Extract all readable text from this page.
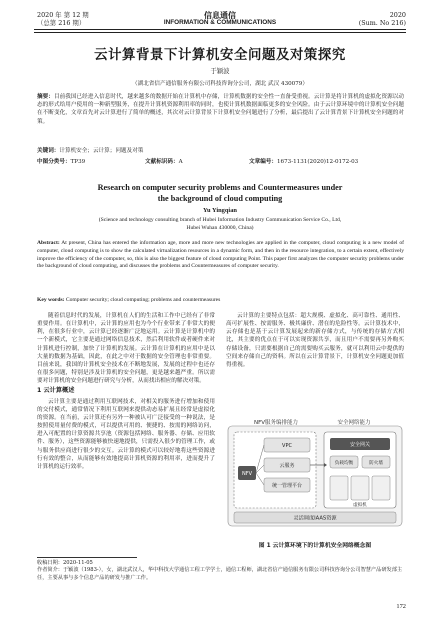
2020 年 第 12 期
（总第 216 期）
信息通信
INFORMATION & COMMUNICATIONS
2020
(Sum. No 216)
云计算背景下计算机安全问题及对策探究
于颖波
（湖北省信产通信服务有限公司科技咨询分公司，湖北 武汉 430079）
摘要：目前我国已经进入信息时代，越来越多的数据开始在计算机中存储，计算机数据的安全性一直备受重视。云计算是将计算机的虚拟化资源以动态的形式给用户使用的一种新型服务，在提升计算机资源利用率的同时，也使计算机数据面临更多的安全风险。由于云计算环境中的计算机安全问题在不断变化，文章首先对云计算进行了简单的概述，其次对云计算背景下计算机安全问题进行了分析，最后提出了云计算背景下计算机安全问题的对策。
关键词：计算机安全；云计算；问题及对策
中图分类号：TP39	文献标识码：A	文章编号：1673-1131(2020)12-0172-03
Research on computer security problems and Countermeasures under
the background of cloud computing
Yu Yingqian
(Science and technology consulting branch of Hubei Information Industry Communication Service Co., Ltd,
Hubei Wuhan 430000, China)
Abstract: At present, China has entered the information age, more and more new technologies are applied in the computer, cloud computing is a new model of computer, cloud computing is to show the calculated virtualization resources in a dynamic form, and then in the resource integration, to a certain extent, effectively improve the efficiency of the computer, so, this is also the biggest feature of cloud computing Point. This paper first analyzes the computer security problems under the background of cloud computing, and discusses the problems and Countermeasures of computer security.
Key words: Computer security; cloud computing; problems and countermeasures

随着信息时代的发展，计算机在人们的生活和工作中已经有了非常重要作用。在计算机中，云计算的应用也为今个行业带来了非常大的便利，在很多行业中，云计算已经逐渐广泛地运用。云计算是计算机中的一个新模式，它主要是通过网络信息技术，然后利用软件或者硬件来对计算机进行控制，加快了计算机的发展。云计算在计算机的应用中是以大量的数据为基础，因此，在此之中对于数据的安全管理也非常重要。目前来说，我国的计算机安全技术在不断地发展，发展的过程中也还存在很多问题，特别是涉及计算机的安全问题，更是越来越严重。所以需要对计算机的安全问题进行研究与分析，从而找出相应的解决对策。

1 云计算概述

云计算主要是通过利用互联网技术，对相关的服务进行增加和使用的交付模式，通常情况下利用互联网来提供动态易扩展且经常是虚拟化的资源。在当前，云计算还有另外一种被认可广泛接受的一种说法，是按照使用量付费的模式，可以提供可用的、便捷的、按需的网络访问，进入可配置的计算资源共享池（资源包括网络、服务器、存储、应用软件、服务），这些资源能够被快速地提供，只需投入很少的管理工作，或与服务供应商进行很少的交互。云计算的模式可以较好地将这些资源进行有效的整合，从而能够有效地提高计算机资源的利用率，进而提升了计算机的运行效率。

云计算的主要特点包括：超大规模、虚拟化、高可靠性、通用性、高可扩展性、按需服务、极其廉价、潜在的危险性等。云计算技术中，云存储也是基于云计算发展起来的新存储方式，与传统的存储方式相比，其主要的优点在于可以实现资源共享，而且用户不需要再另外购买存储设备，只需要根据自己的需要购买云服务，就可以利用云中提供的空间来存储自己的资料。所以在云计算背景下，计算机安全问题更加值得重视。

NFV服务编排能力	安全网络能力
NFV
VPC
云服务
统一管理平台
安全网关
负载均衡	防火墙
虚拟机
灵活调度IAAS资源
图 1 云计算环境下的计算机安全网络概念图
收稿日期：2020-11-05
作者简介：于颖波（1983-），女，湖北武汉人，华中科技大学通信工程工学学士，通信工程师，湖北省信产通信服务有限公司科技咨询分公司智慧产品研发部主任，主要从事与多个信息产品的研发与推广工作。
172
